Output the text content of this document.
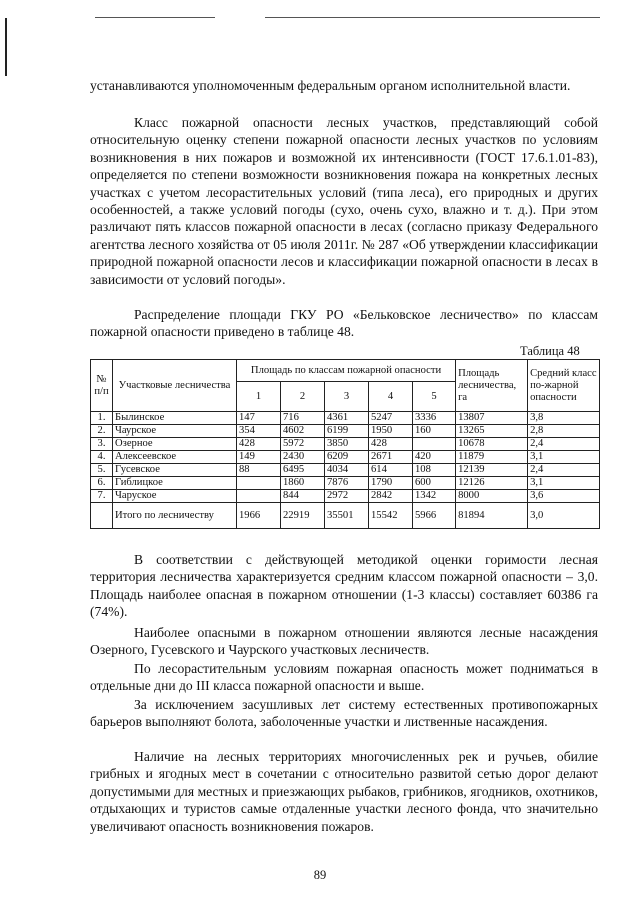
устанавливаются уполномоченным федеральным органом исполнительной власти.

Класс пожарной опасности лесных участков, представляющий собой относительную оценку степени пожарной опасности лесных участков по условиям возникновения в них пожаров и возможной их интенсивности (ГОСТ 17.6.1.01-83), определяется по степени возможности возникновения пожара на конкретных лесных участках с учетом лесорастительных условий (типа леса), его природных и других особенностей, а также условий погоды (сухо, очень сухо, влажно и т. д.). При этом различают пять классов пожарной опасности в лесах (согласно приказу Федерального агентства лесного хозяйства от 05 июля 2011г. № 287 «Об утверждении классификации природной пожарной опасности лесов и классификации пожарной опасности в лесах в зависимости от условий погоды».

Распределение площади ГКУ РО «Бельковское лесничество» по классам пожарной опасности приведено в таблице 48.

Таблица 48
№ п/п	Участковые лесничества	Площадь по классам пожарной опасности					Площадь лесничества, га	Средний класс по-жарной опасности
		1	2	3	4	5		
1.	Былинское	147	716	4361	5247	3336	13807	3,8
2.	Чаурское	354	4602	6199	1950	160	13265	2,8
3.	Озерное	428	5972	3850	428		10678	2,4
4.	Алексеевское	149	2430	6209	2671	420	11879	3,1
5.	Гусевское	88	6495	4034	614	108	12139	2,4
6.	Гиблицкое		1860	7876	1790	600	12126	3,1
7.	Чаруское		844	2972	2842	1342	8000	3,6
	Итого по лесничеству	1966	22919	35501	15542	5966	81894	3,0

В соответствии с действующей методикой оценки горимости лесная территория лесничества характеризуется средним классом пожарной опасности – 3,0. Площадь наиболее опасная в пожарном отношении (1-3 классы) составляет 60386 га (74%).

Наиболее опасными в пожарном отношении являются лесные насаждения Озерного, Гусевского и Чаурского участковых лесничеств.

По лесорастительным условиям пожарная опасность может подниматься в отдельные дни до III класса пожарной опасности и выше.

За исключением засушливых лет систему естественных противопожарных барьеров выполняют болота, заболоченные участки и лиственные насаждения.

Наличие на лесных территориях многочисленных рек и ручьев, обилие грибных и ягодных мест в сочетании с относительно развитой сетью дорог делают допустимыми для местных и приезжающих рыбаков, грибников, ягодников, охотников, отдыхающих и туристов самые отдаленные участки лесного фонда, что значительно увеличивают опасность возникновения пожаров.

89
